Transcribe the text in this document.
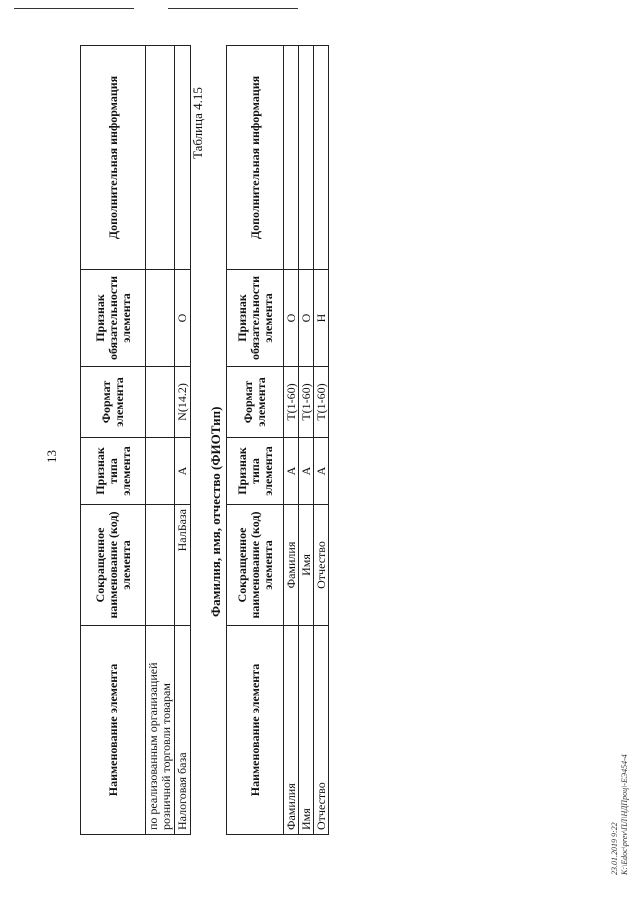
13
Наименование элемента	Сокращенное наименование (код) элемента	Признак типа элемента	Формат элемента	Признак обязательности элемента	Дополнительная информация
по реализованным организацией розничной торговли товарам					
Налоговая база	НалБаза	А	N(14.2)	О	
Таблица 4.15
Фамилия, имя, отчество (ФИОТип)
Наименование элемента	Сокращенное наименование (код) элемента	Признак типа элемента	Формат элемента	Признак обязательности элемента	Дополнительная информация
Фамилия	Фамилия	А	T(1-60)	О	
Имя	Имя	А	T(1-60)	О	
Отчество	Отчество	А	T(1-60)	Н	
23.01.2019 9:22 K:\Edoc\prev\ПЛ\НДПроц\-ЕЭ454-4
